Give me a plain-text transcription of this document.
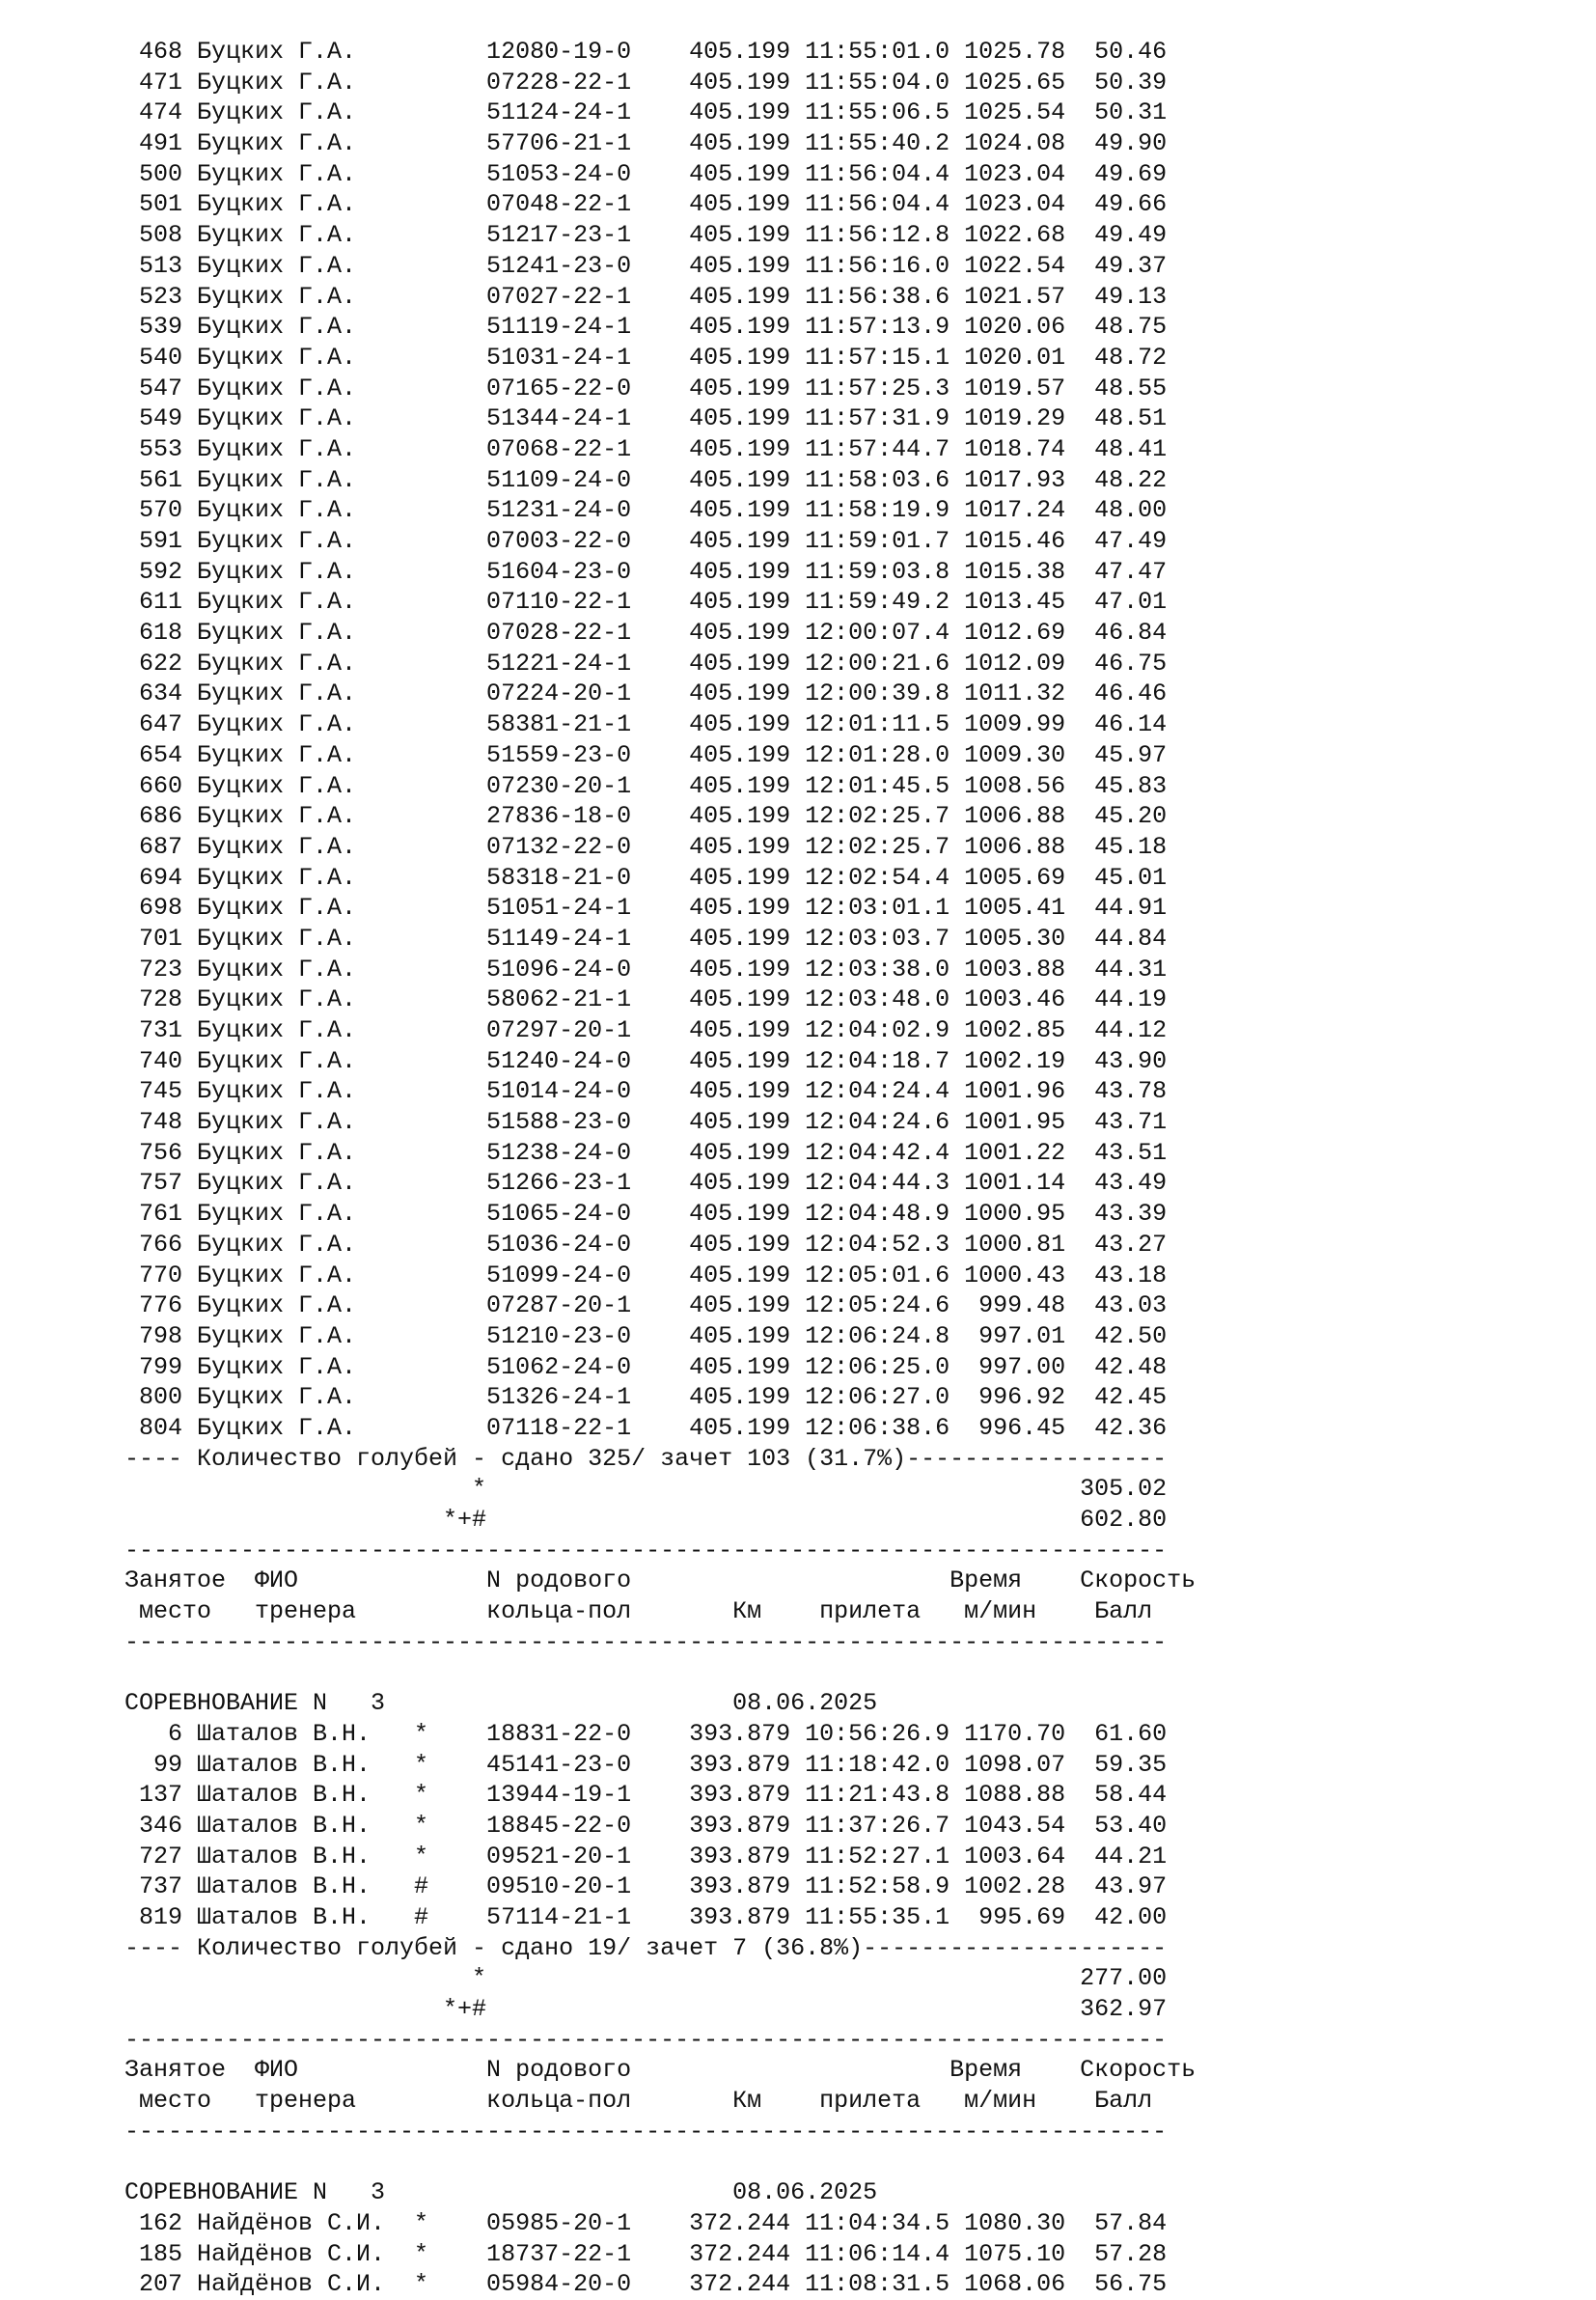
468 Буцких Г.А.         12080-19-0    405.199 11:55:01.0 1025.78  50.46
471 Буцких Г.А.         07228-22-1    405.199 11:55:04.0 1025.65  50.39
474 Буцких Г.А.         51124-24-1    405.199 11:55:06.5 1025.54  50.31
491 Буцких Г.А.         57706-21-1    405.199 11:55:40.2 1024.08  49.90
500 Буцких Г.А.         51053-24-0    405.199 11:56:04.4 1023.04  49.69
501 Буцких Г.А.         07048-22-1    405.199 11:56:04.4 1023.04  49.66
508 Буцких Г.А.         51217-23-1    405.199 11:56:12.8 1022.68  49.49
513 Буцких Г.А.         51241-23-0    405.199 11:56:16.0 1022.54  49.37
523 Буцких Г.А.         07027-22-1    405.199 11:56:38.6 1021.57  49.13
539 Буцких Г.А.         51119-24-1    405.199 11:57:13.9 1020.06  48.75
540 Буцких Г.А.         51031-24-1    405.199 11:57:15.1 1020.01  48.72
547 Буцких Г.А.         07165-22-0    405.199 11:57:25.3 1019.57  48.55
549 Буцких Г.А.         51344-24-1    405.199 11:57:31.9 1019.29  48.51
553 Буцких Г.А.         07068-22-1    405.199 11:57:44.7 1018.74  48.41
561 Буцких Г.А.         51109-24-0    405.199 11:58:03.6 1017.93  48.22
570 Буцких Г.А.         51231-24-0    405.199 11:58:19.9 1017.24  48.00
591 Буцких Г.А.         07003-22-0    405.199 11:59:01.7 1015.46  47.49
592 Буцких Г.А.         51604-23-0    405.199 11:59:03.8 1015.38  47.47
611 Буцких Г.А.         07110-22-1    405.199 11:59:49.2 1013.45  47.01
618 Буцких Г.А.         07028-22-1    405.199 12:00:07.4 1012.69  46.84
622 Буцких Г.А.         51221-24-1    405.199 12:00:21.6 1012.09  46.75
634 Буцких Г.А.         07224-20-1    405.199 12:00:39.8 1011.32  46.46
647 Буцких Г.А.         58381-21-1    405.199 12:01:11.5 1009.99  46.14
654 Буцких Г.А.         51559-23-0    405.199 12:01:28.0 1009.30  45.97
660 Буцких Г.А.         07230-20-1    405.199 12:01:45.5 1008.56  45.83
686 Буцких Г.А.         27836-18-0    405.199 12:02:25.7 1006.88  45.20
687 Буцких Г.А.         07132-22-0    405.199 12:02:25.7 1006.88  45.18
694 Буцких Г.А.         58318-21-0    405.199 12:02:54.4 1005.69  45.01
698 Буцких Г.А.         51051-24-1    405.199 12:03:01.1 1005.41  44.91
701 Буцких Г.А.         51149-24-1    405.199 12:03:03.7 1005.30  44.84
723 Буцких Г.А.         51096-24-0    405.199 12:03:38.0 1003.88  44.31
728 Буцких Г.А.         58062-21-1    405.199 12:03:48.0 1003.46  44.19
731 Буцких Г.А.         07297-20-1    405.199 12:04:02.9 1002.85  44.12
740 Буцких Г.А.         51240-24-0    405.199 12:04:18.7 1002.19  43.90
745 Буцких Г.А.         51014-24-0    405.199 12:04:24.4 1001.96  43.78
748 Буцких Г.А.         51588-23-0    405.199 12:04:24.6 1001.95  43.71
756 Буцких Г.А.         51238-24-0    405.199 12:04:42.4 1001.22  43.51
757 Буцких Г.А.         51266-23-1    405.199 12:04:44.3 1001.14  43.49
761 Буцких Г.А.         51065-24-0    405.199 12:04:48.9 1000.95  43.39
766 Буцких Г.А.         51036-24-0    405.199 12:04:52.3 1000.81  43.27
770 Буцких Г.А.         51099-24-0    405.199 12:05:01.6 1000.43  43.18
776 Буцких Г.А.         07287-20-1    405.199 12:05:24.6  999.48  43.03
798 Буцких Г.А.         51210-23-0    405.199 12:06:24.8  997.01  42.50
799 Буцких Г.А.         51062-24-0    405.199 12:06:25.0  997.00  42.48
800 Буцких Г.А.         51326-24-1    405.199 12:06:27.0  996.92  42.45
804 Буцких Г.А.         07118-22-1    405.199 12:06:38.6  996.45  42.36
---- Количество голубей - сдано 325/ зачет 103 (31.7%)------------------
*                                         305.02
*+#                                         602.80
------------------------------------------------------------------------
Занятое  ФИО             N родового                      Время    Скорость
место   тренера         кольца-пол       Км    прилета   м/мин    Балл
------------------------------------------------------------------------
СОРЕВНОВАНИЕ N   3                        08.06.2025
6 Шаталов В.Н.   *    18831-22-0    393.879 10:56:26.9 1170.70  61.60
99 Шаталов В.Н.   *    45141-23-0    393.879 11:18:42.0 1098.07  59.35
137 Шаталов В.Н.   *    13944-19-1    393.879 11:21:43.8 1088.88  58.44
346 Шаталов В.Н.   *    18845-22-0    393.879 11:37:26.7 1043.54  53.40
727 Шаталов В.Н.   *    09521-20-1    393.879 11:52:27.1 1003.64  44.21
737 Шаталов В.Н.   #    09510-20-1    393.879 11:52:58.9 1002.28  43.97
819 Шаталов В.Н.   #    57114-21-1    393.879 11:55:35.1  995.69  42.00
---- Количество голубей - сдано 19/ зачет 7 (36.8%)---------------------
*                                         277.00
*+#                                         362.97
------------------------------------------------------------------------
Занятое  ФИО             N родового                      Время    Скорость
место   тренера         кольца-пол       Км    прилета   м/мин    Балл
------------------------------------------------------------------------
СОРЕВНОВАНИЕ N   3                        08.06.2025
162 Найдёнов С.И.  *    05985-20-1    372.244 11:04:34.5 1080.30  57.84
185 Найдёнов С.И.  *    18737-22-1    372.244 11:06:14.4 1075.10  57.28
207 Найдёнов С.И.  *    05984-20-0    372.244 11:08:31.5 1068.06  56.75
